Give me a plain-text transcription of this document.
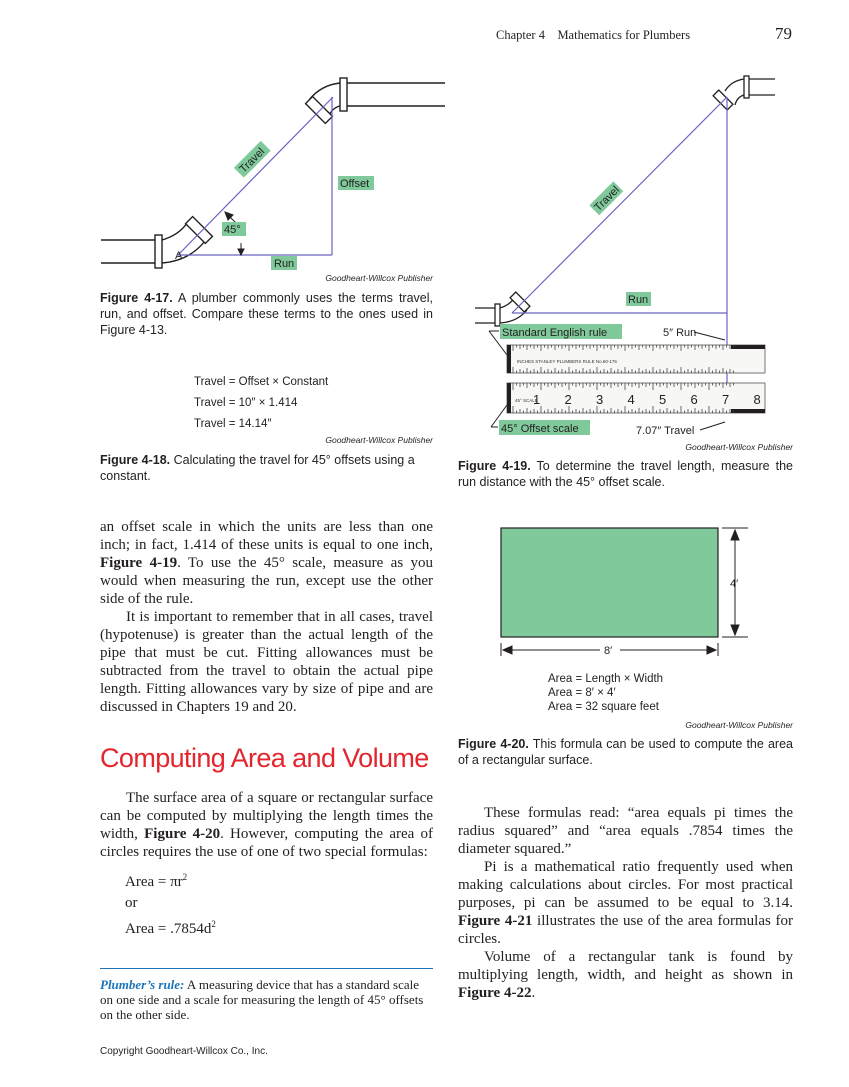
Chapter 4    Mathematics for Plumbers	79
A
Travel
Offset
45°
Run
Goodheart-Willcox Publisher
Figure 4-17. A plumber commonly uses the terms travel, run, and offset. Compare these terms to the ones used in Figure 4-13.
Travel = Offset × Constant
Travel = 10″ × 1.414
Travel = 14.14″
Goodheart-Willcox Publisher
Figure 4-18. Calculating the travel for 45° offsets using a constant.
Travel
Run
Standard English rule	5″ Run
INCHES STANLEY PLUMBERS RULE No.60-176
45° SCALE
1 2 3 4 5 6 7 8
45° Offset scale	7.07″ Travel
Goodheart-Willcox Publisher
Figure 4-19. To determine the travel length, measure the run distance with the 45° offset scale.
4′
8′
Area = Length × Width
Area = 8′ × 4′
Area = 32 square feet
Goodheart-Willcox Publisher
Figure 4-20. This formula can be used to compute the area of a rectangular surface.

an offset scale in which the units are less than one inch; in fact, 1.414 of these units is equal to one inch, Figure 4-19. To use the 45° scale, measure as you would when measuring the run, except use the other side of the rule.

It is important to remember that in all cases, travel (hypotenuse) is greater than the actual length of the pipe that must be cut. Fitting allowances must be subtracted from the travel to obtain the actual pipe length. Fitting allowances vary by size of pipe and are discussed in Chapters 19 and 20.

Computing Area and Volume

The surface area of a square or rectangular surface can be computed by multiplying the length times the width, Figure 4-20. However, computing the area of circles requires the use of one of two special formulas:

Area = $\pi r^2$
or
Area = $.7854d^2$
Plumber’s rule: A measuring device that has a standard scale on one side and a scale for measuring the length of 45° offsets on the other side.

These formulas read: “area equals pi times the radius squared” and “area equals .7854 times the diameter squared.”

Pi is a mathematical ratio frequently used when making calculations about circles. For most practical purposes, pi can be assumed to be equal to 3.14. Figure 4-21 illustrates the use of the area formulas for circles.

Volume of a rectangular tank is found by multiplying length, width, and height as shown in Figure 4-22.

Copyright Goodheart-Willcox Co., Inc.
